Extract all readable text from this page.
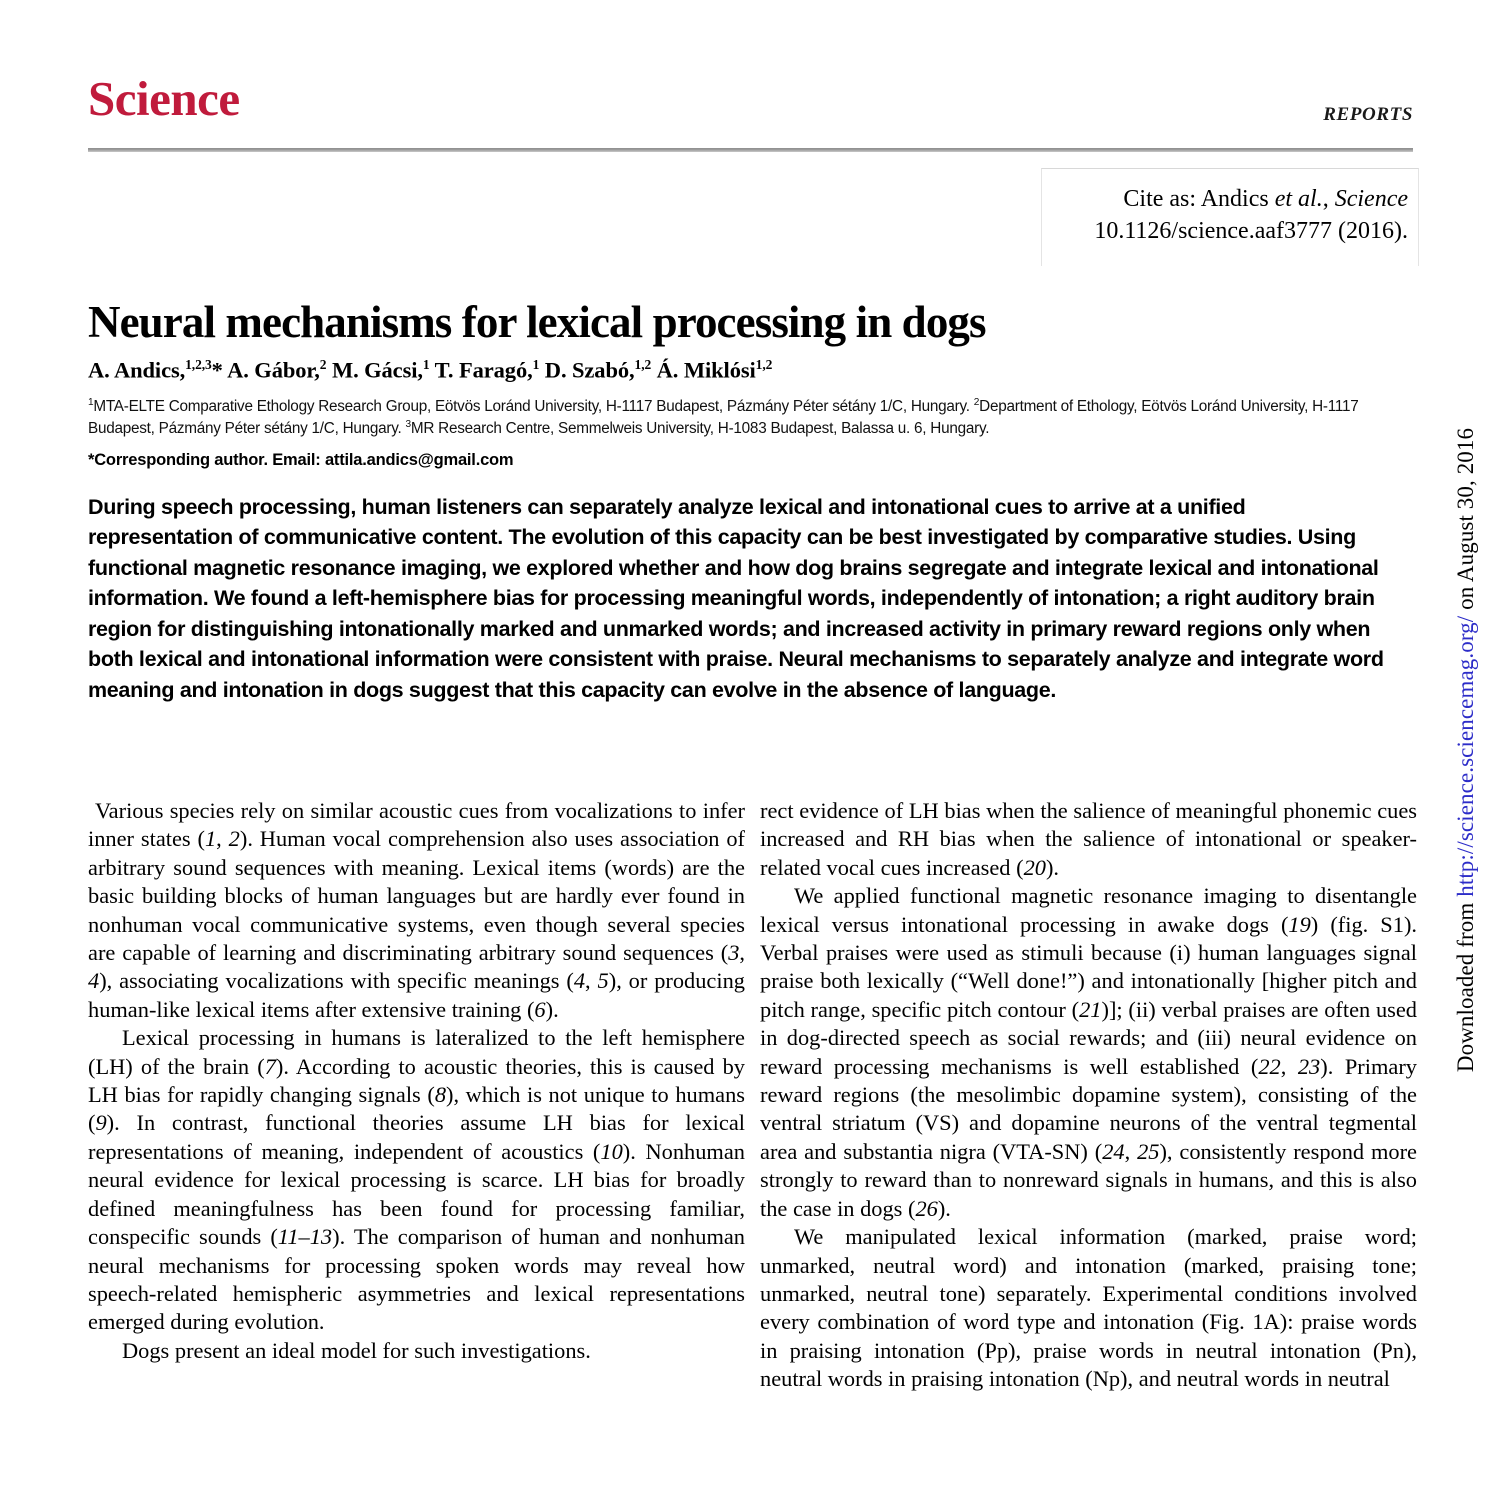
Science	REPORTS
Cite as: Andics et al., Science
10.1126/science.aaf3777 (2016).
Neural mechanisms for lexical processing in dogs
A. Andics,$^{1,2,3}$* A. Gábor,$^2$ M. Gácsi,$^1$ T. Faragó,$^1$ D. Szabó,$^{1,2}$ Á. Miklósi$^{1,2}$
$^1$MTA-ELTE Comparative Ethology Research Group, Eötvös Loránd University, H-1117 Budapest, Pázmány Péter sétány 1/C, Hungary. $^2$Department of Ethology, Eötvös Loránd University, H-1117 Budapest, Pázmány Péter sétány 1/C, Hungary. $^3$MR Research Centre, Semmelweis University, H-1083 Budapest, Balassa u. 6, Hungary.
*Corresponding author. Email: attila.andics@gmail.com
During speech processing, human listeners can separately analyze lexical and intonational cues to arrive at a unified representation of communicative content. The evolution of this capacity can be best investigated by comparative studies. Using functional magnetic resonance imaging, we explored whether and how dog brains segregate and integrate lexical and intonational information. We found a left-hemisphere bias for processing meaningful words, independently of intonation; a right auditory brain region for distinguishing intonationally marked and unmarked words; and increased activity in primary reward regions only when both lexical and intonational information were consistent with praise. Neural mechanisms to separately analyze and integrate word meaning and intonation in dogs suggest that this capacity can evolve in the absence of language.

Various species rely on similar acoustic cues from vocalizations to infer inner states (1, 2). Human vocal comprehension also uses association of arbitrary sound sequences with meaning. Lexical items (words) are the basic building blocks of human languages but are hardly ever found in nonhuman vocal communicative systems, even though several species are capable of learning and discriminating arbitrary sound sequences (3, 4), associating vocalizations with specific meanings (4, 5), or producing human-like lexical items after extensive training (6).

Lexical processing in humans is lateralized to the left hemisphere (LH) of the brain (7). According to acoustic theories, this is caused by LH bias for rapidly changing signals (8), which is not unique to humans (9). In contrast, functional theories assume LH bias for lexical representations of meaning, independent of acoustics (10). Nonhuman neural evidence for lexical processing is scarce. LH bias for broadly defined meaningfulness has been found for processing familiar, conspecific sounds (11–13). The comparison of human and nonhuman neural mechanisms for processing spoken words may reveal how speech-related hemispheric asymmetries and lexical representations emerged during evolution.

Dogs present an ideal model for such investigations.

rect evidence of LH bias when the salience of meaningful phonemic cues increased and RH bias when the salience of intonational or speaker-related vocal cues increased (20).

We applied functional magnetic resonance imaging to disentangle lexical versus intonational processing in awake dogs (19) (fig. S1). Verbal praises were used as stimuli because (i) human languages signal praise both lexically (“Well done!”) and intonationally [higher pitch and pitch range, specific pitch contour (21)]; (ii) verbal praises are often used in dog-directed speech as social rewards; and (iii) neural evidence on reward processing mechanisms is well established (22, 23). Primary reward regions (the mesolimbic dopamine system), consisting of the ventral striatum (VS) and dopamine neurons of the ventral tegmental area and substantia nigra (VTA-SN) (24, 25), consistently respond more strongly to reward than to nonreward signals in humans, and this is also the case in dogs (26).

We manipulated lexical information (marked, praise word; unmarked, neutral word) and intonation (marked, praising tone; unmarked, neutral tone) separately. Experimental conditions involved every combination of word type and intonation (Fig. 1A): praise words in praising intonation (Pp), praise words in neutral intonation (Pn), neutral words in praising intonation (Np), and neutral words in neutral

Downloaded from http://science.sciencemag.org/ on August 30, 2016
